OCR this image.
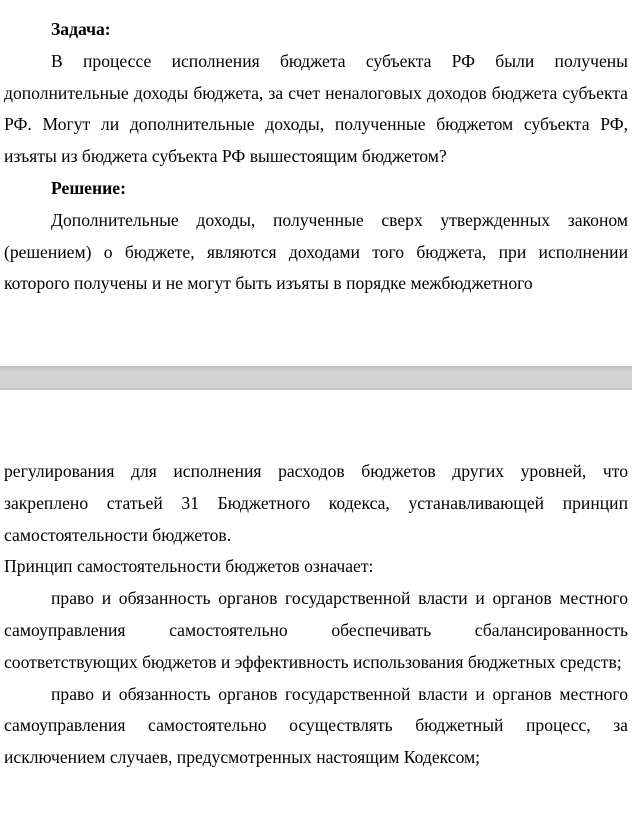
Задача:

В процессе исполнения бюджета субъекта РФ были получены дополнительные доходы бюджета, за счет неналоговых доходов бюджета субъекта РФ. Могут ли дополнительные доходы, полученные бюджетом субъекта РФ, изъяты из бюджета субъекта РФ вышестоящим бюджетом?

Решение:

Дополнительные доходы, полученные сверх утвержденных законом (решением) о бюджете, являются доходами того бюджета, при исполнении которого получены и не могут быть изъяты в порядке межбюджетного

регулирования для исполнения расходов бюджетов других уровней, что закреплено статьей 31 Бюджетного кодекса, устанавливающей принцип самостоятельности бюджетов.

Принцип самостоятельности бюджетов означает:

право и обязанность органов государственной власти и органов местного самоуправления самостоятельно обеспечивать сбалансированность соответствующих бюджетов и эффективность использования бюджетных средств;

право и обязанность органов государственной власти и органов местного самоуправления самостоятельно осуществлять бюджетный процесс, за исключением случаев, предусмотренных настоящим Кодексом;
